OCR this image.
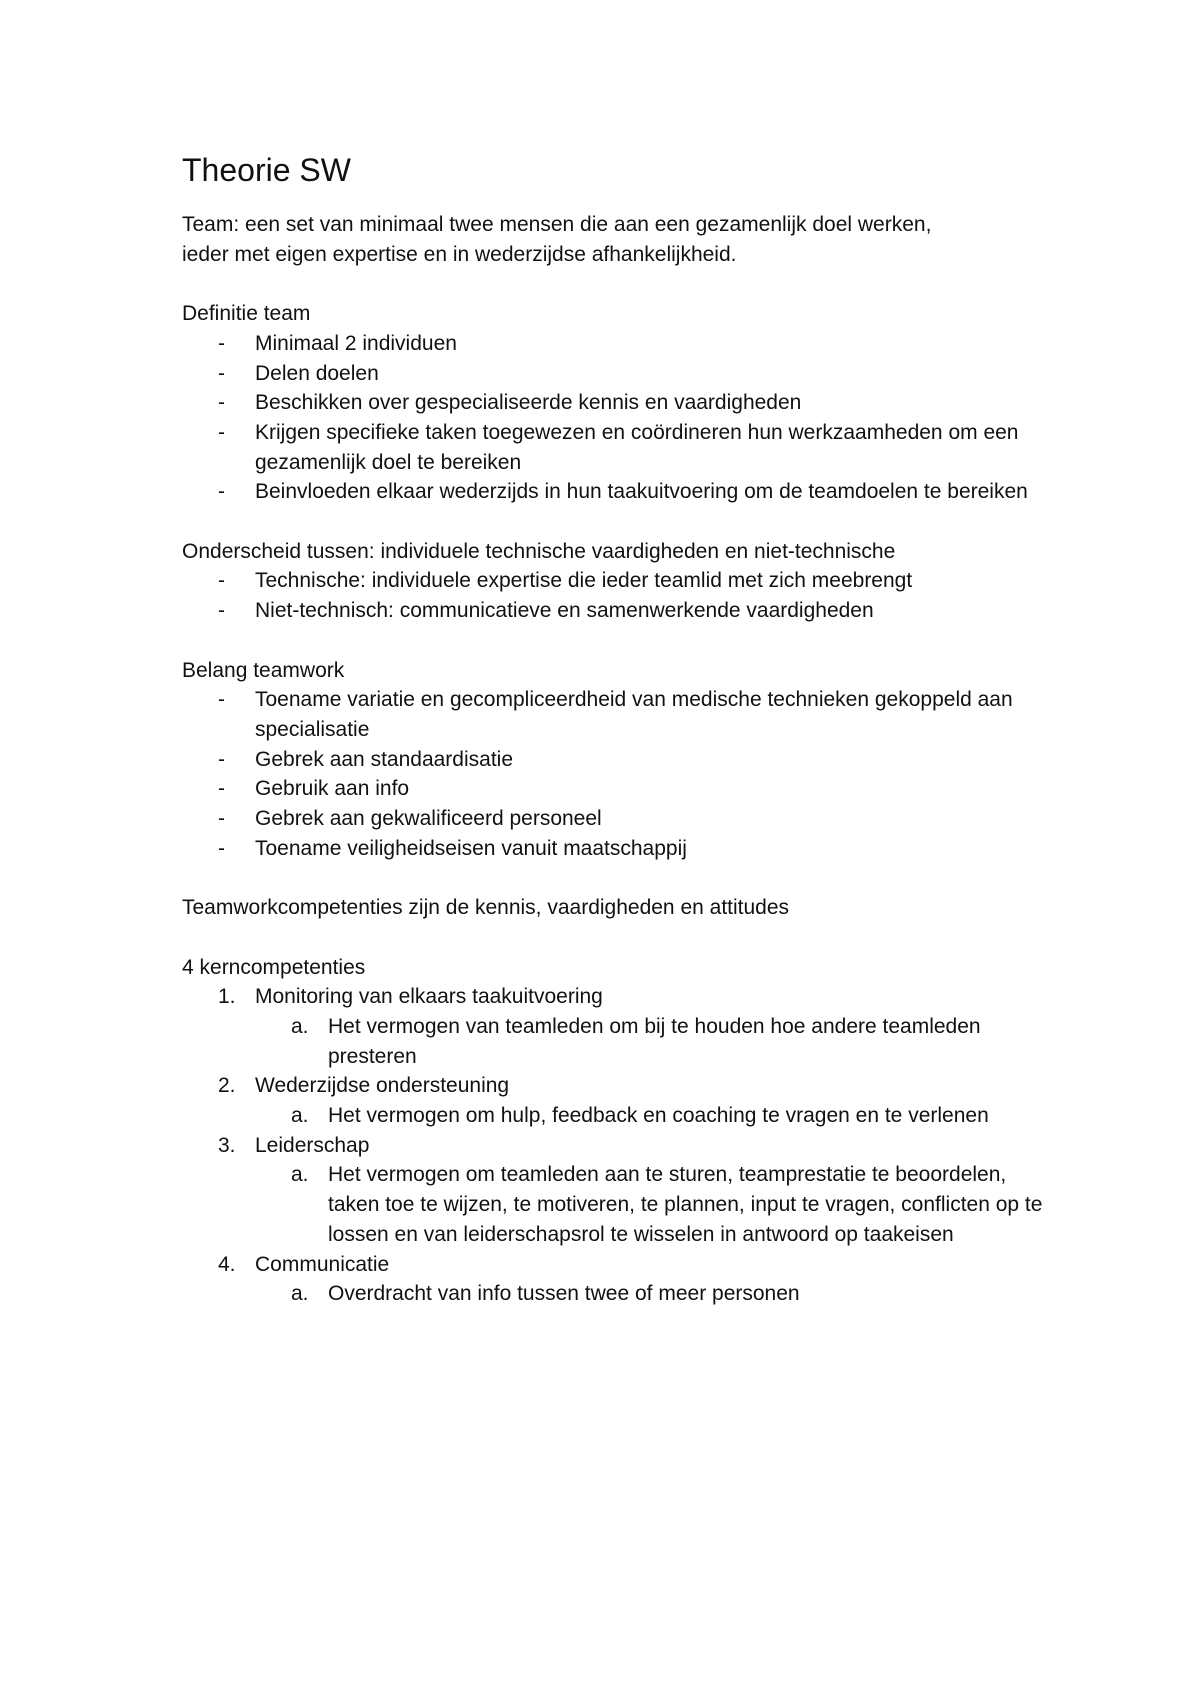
Theorie SW

Team: een set van minimaal twee mensen die aan een gezamenlijk doel werken,

ieder met eigen expertise en in wederzijdse afhankelijkheid.

Definitie team

- Minimaal 2 individuen
- Delen doelen
- Beschikken over gespecialiseerde kennis en vaardigheden
- Krijgen specifieke taken toegewezen en coördineren hun werkzaamheden om een gezamenlijk doel te bereiken
- Beinvloeden elkaar wederzijds in hun taakuitvoering om de teamdoelen te bereiken

Onderscheid tussen: individuele technische vaardigheden en niet-technische

- Technische: individuele expertise die ieder teamlid met zich meebrengt
- Niet-technisch: communicatieve en samenwerkende vaardigheden

Belang teamwork

- Toename variatie en gecompliceerdheid van medische technieken gekoppeld aan specialisatie
- Gebrek aan standaardisatie
- Gebruik aan info
- Gebrek aan gekwalificeerd personeel
- Toename veiligheidseisen vanuit maatschappij

Teamworkcompetenties zijn de kennis, vaardigheden en attitudes

4 kerncompetenties

1. Monitoring van elkaars taakuitvoering
a. Het vermogen van teamleden om bij te houden hoe andere teamleden presteren
2. Wederzijdse ondersteuning
a. Het vermogen om hulp, feedback en coaching te vragen en te verlenen
3. Leiderschap
a. Het vermogen om teamleden aan te sturen, teamprestatie te beoordelen, taken toe te wijzen, te motiveren, te plannen, input te vragen, conflicten op te lossen en van leiderschapsrol te wisselen in antwoord op taakeisen
4. Communicatie
a. Overdracht van info tussen twee of meer personen
